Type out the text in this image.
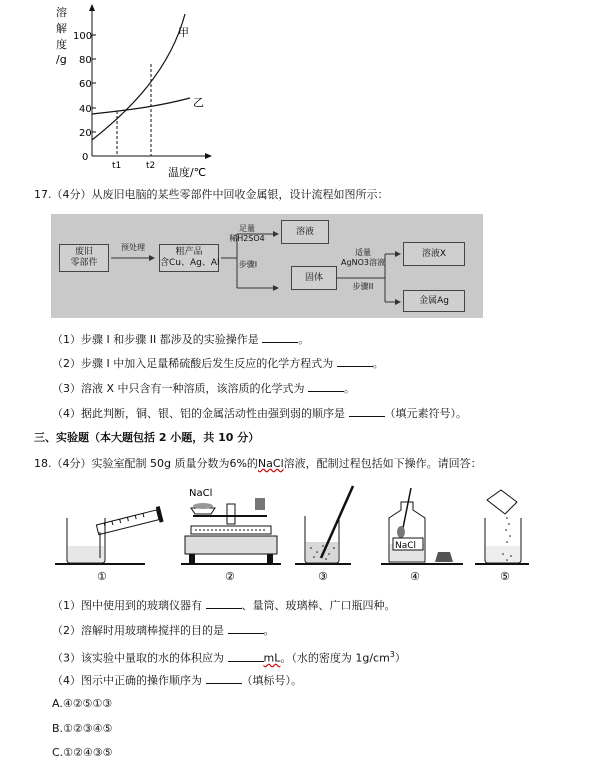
溶
解
度
/g
100
80
60
40
20
0
甲
乙
t1	t2 温度/℃
17.（4分）从废旧电脑的某些零部件中回收金属银，设计流程如图所示：
废旧
零部件
预处理	粗产品
含Cu、Ag、Al
足量
稀H2SO4
步骤I
溶液
固体
适量
AgNO3溶液
步骤II
溶液X
金属Ag
（1）步骤 I 和步骤 II 都涉及的实验操作是	。
（2）步骤 I 中加入足量稀硫酸后发生反应的化学方程式为	。
（3）溶液 X 中只含有一种溶质，该溶质的化学式为	。
（4）据此判断，铜、银、铝的金属活动性由强到弱的顺序是	（填元素符号）。
三、实验题（本大题包括 2 小题，共 10 分）
18.（4分）实验室配制 50g 质量分数为6%的NaCl溶液，配制过程包括如下操作。请回答：
NaCl
NaCl
①	②	③	④	⑤
（1）图中使用到的玻璃仪器有	、量筒、玻璃棒、广口瓶四种。
（2）溶解时用玻璃棒搅拌的目的是	。
（3）该实验中量取的水的体积应为	mL。（水的密度为 $1g/cm^3$）
（4）图示中正确的操作顺序为	（填标号）。
A.④②⑤①③
B.①②③④⑤
C.①②④③⑤
